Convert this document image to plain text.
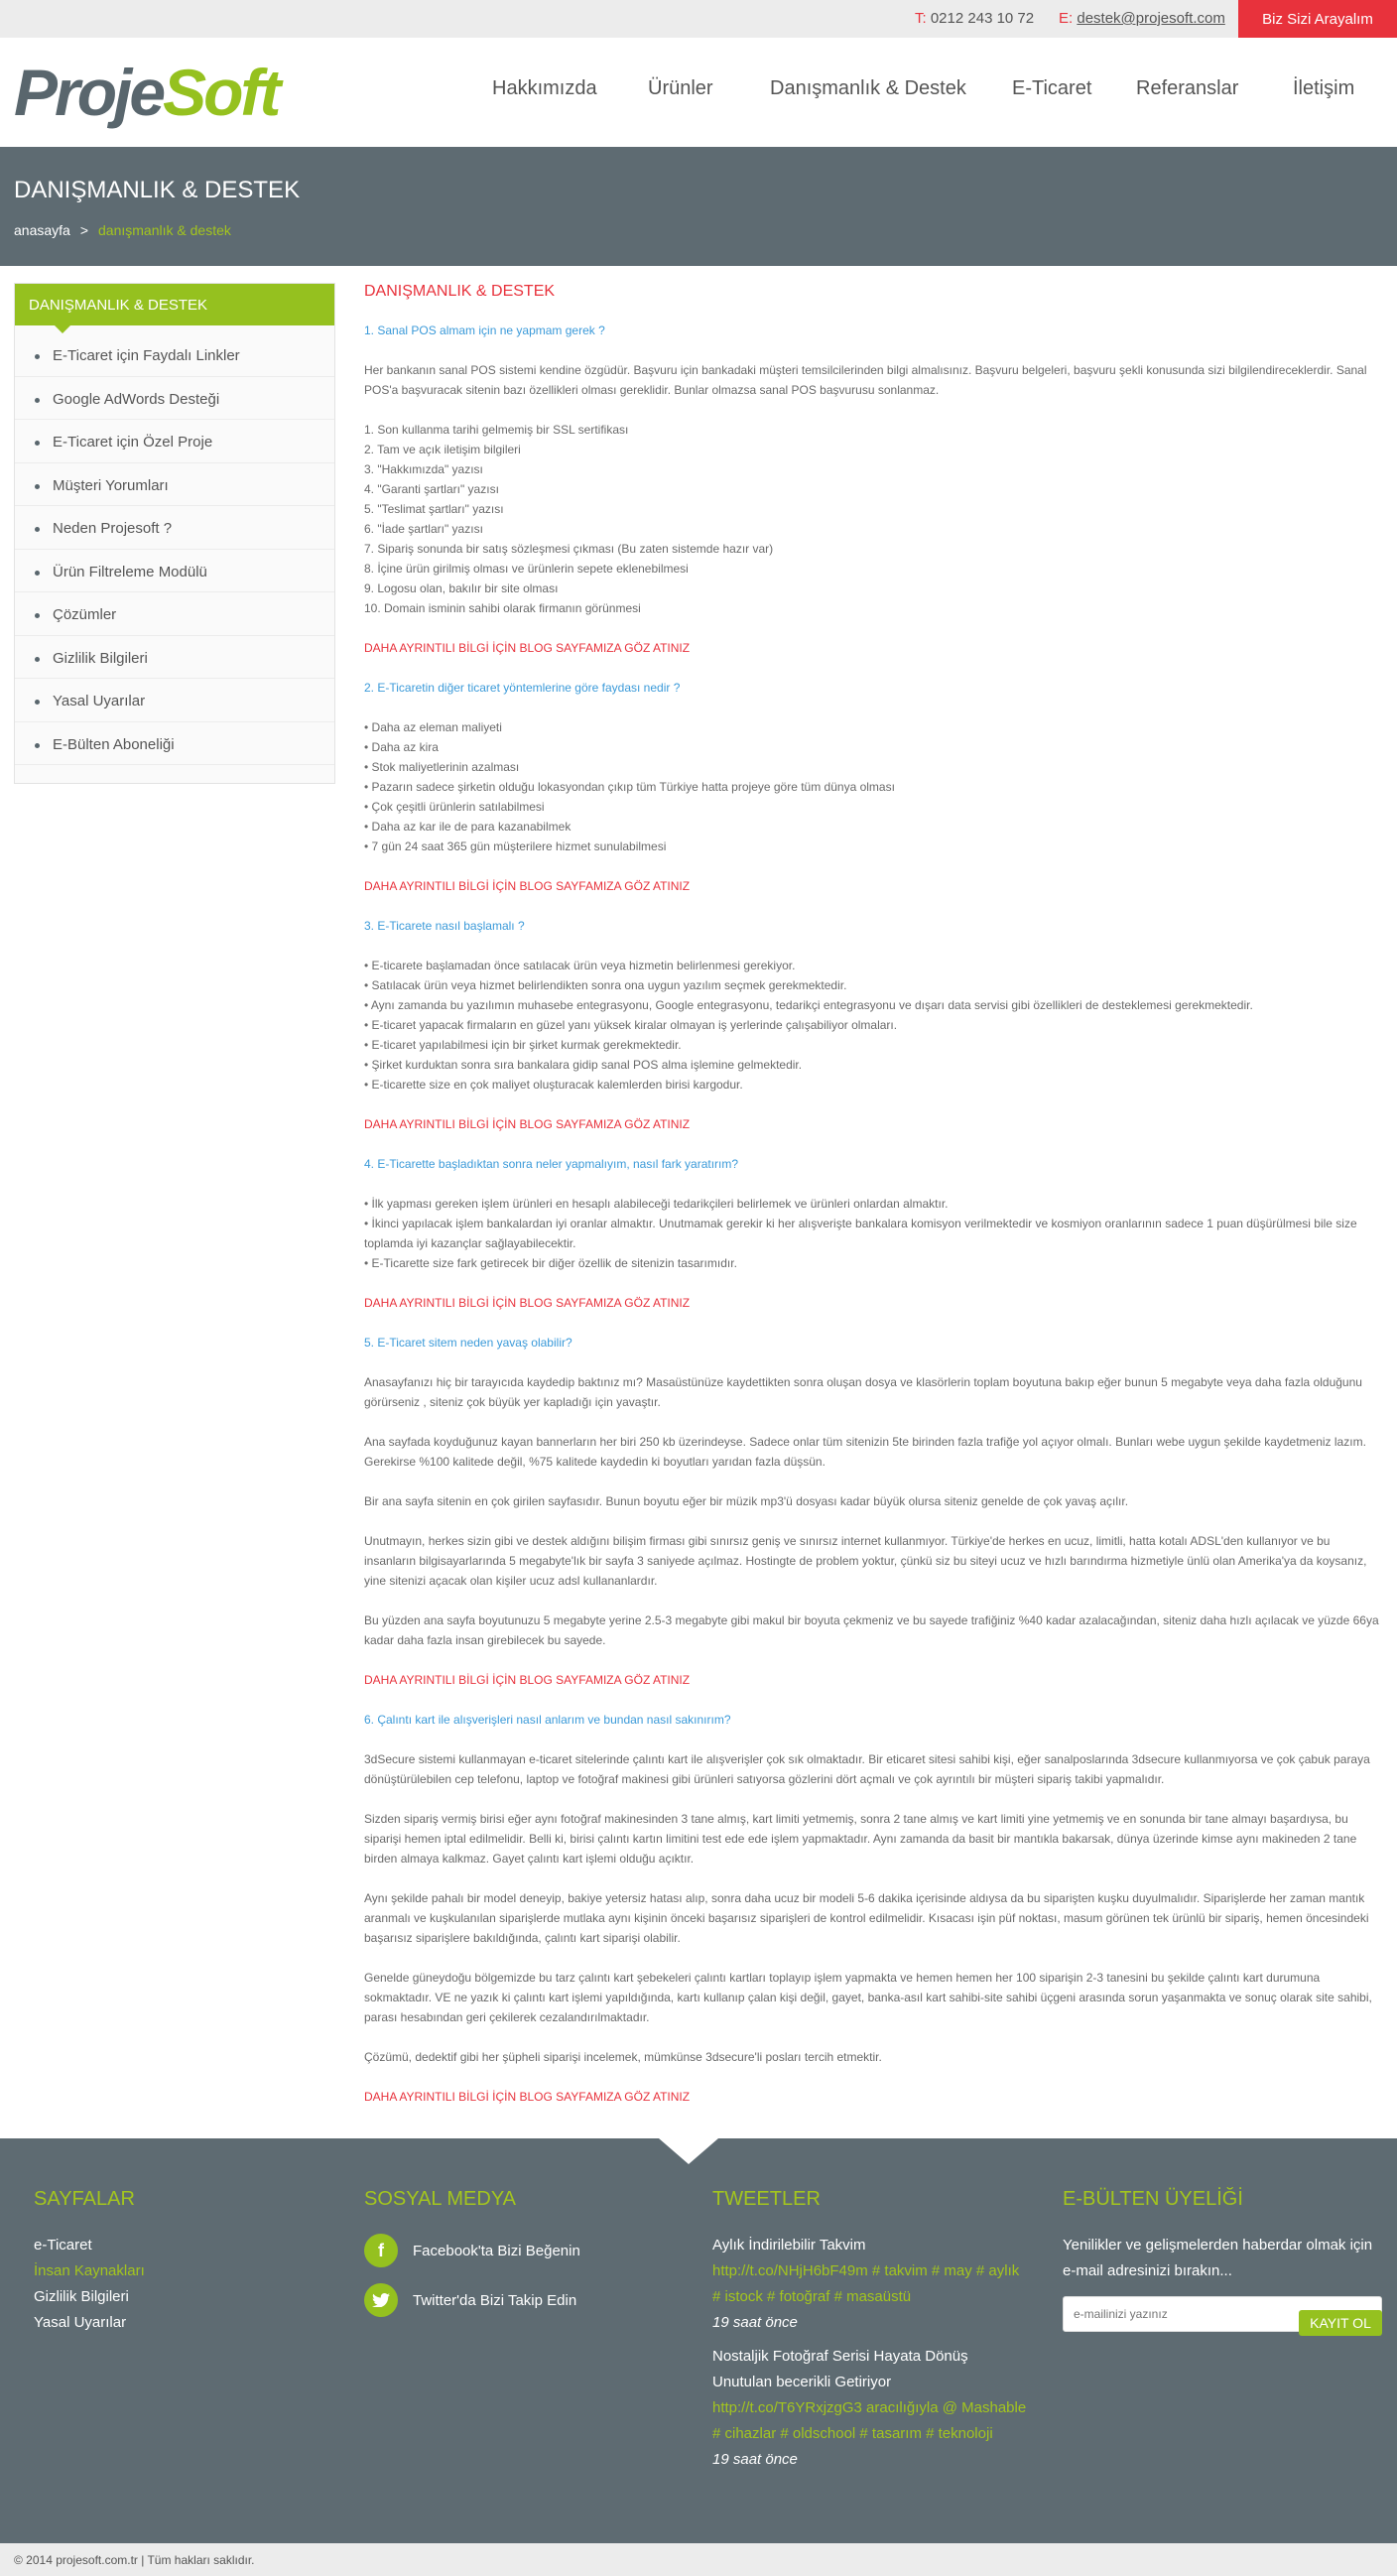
T: 0212 243 10 72 E: destek@projesoft.com	Biz Sizi Arayalım
ProjeSoft	Hakkımızda	Ürünler	Danışmanlık & Destek E-Ticaret Referanslar	İletişim
DANIŞMANLIK & DESTEK
anasayfa > danışmanlık & destek
DANIŞMANLIK & DESTEK
E-Ticaret için Faydalı Linkler
Google AdWords Desteği
E-Ticaret için Özel Proje
Müşteri Yorumları
Neden Projesoft ?
Ürün Filtreleme Modülü
Çözümler
Gizlilik Bilgileri
Yasal Uyarılar
E-Bülten Aboneliği
DANIŞMANLIK & DESTEK
1. Sanal POS almam için ne yapmam gerek ?

Her bankanın sanal POS sistemi kendine özgüdür. Başvuru için bankadaki müşteri temsilcilerinden bilgi almalısınız. Başvuru belgeleri, başvuru şekli konusunda sizi bilgilendireceklerdir. Sanal POS'a başvuracak sitenin bazı özellikleri olması gereklidir. Bunlar olmazsa sanal POS başvurusu sonlanmaz.

1. Son kullanma tarihi gelmemiş bir SSL sertifikası
2. Tam ve açık iletişim bilgileri
3. "Hakkımızda" yazısı
4. "Garanti şartları" yazısı
5. "Teslimat şartları" yazısı
6. "İade şartları" yazısı
7. Sipariş sonunda bir satış sözleşmesi çıkması (Bu zaten sistemde hazır var)
8. İçine ürün girilmiş olması ve ürünlerin sepete eklenebilmesi
9. Logosu olan, bakılır bir site olması
10. Domain isminin sahibi olarak firmanın görünmesi
DAHA AYRINTILI BİLGİ İÇİN BLOG SAYFAMIZA GÖZ ATINIZ
2. E-Ticaretin diğer ticaret yöntemlerine göre faydası nedir ?
• Daha az eleman maliyeti
• Daha az kira
• Stok maliyetlerinin azalması
• Pazarın sadece şirketin olduğu lokasyondan çıkıp tüm Türkiye hatta projeye göre tüm dünya olması
• Çok çeşitli ürünlerin satılabilmesi
• Daha az kar ile de para kazanabilmek
• 7 gün 24 saat 365 gün müşterilere hizmet sunulabilmesi
DAHA AYRINTILI BİLGİ İÇİN BLOG SAYFAMIZA GÖZ ATINIZ
3. E-Ticarete nasıl başlamalı ?
• E-ticarete başlamadan önce satılacak ürün veya hizmetin belirlenmesi gerekiyor.
• Satılacak ürün veya hizmet belirlendikten sonra ona uygun yazılım seçmek gerekmektedir.
• Aynı zamanda bu yazılımın muhasebe entegrasyonu, Google entegrasyonu, tedarikçi entegrasyonu ve dışarı data servisi gibi özellikleri de desteklemesi gerekmektedir.
• E-ticaret yapacak firmaların en güzel yanı yüksek kiralar olmayan iş yerlerinde çalışabiliyor olmaları.
• E-ticaret yapılabilmesi için bir şirket kurmak gerekmektedir.
• Şirket kurduktan sonra sıra bankalara gidip sanal POS alma işlemine gelmektedir.
• E-ticarette size en çok maliyet oluşturacak kalemlerden birisi kargodur.
DAHA AYRINTILI BİLGİ İÇİN BLOG SAYFAMIZA GÖZ ATINIZ
4. E-Ticarette başladıktan sonra neler yapmalıyım, nasıl fark yaratırım?
• İlk yapması gereken işlem ürünleri en hesaplı alabileceği tedarikçileri belirlemek ve ürünleri onlardan almaktır.
• İkinci yapılacak işlem bankalardan iyi oranlar almaktır. Unutmamak gerekir ki her alışverişte bankalara komisyon verilmektedir ve kosmiyon oranlarının sadece 1 puan düşürülmesi bile size toplamda iyi kazançlar sağlayabilecektir.
• E-Ticarette size fark getirecek bir diğer özellik de sitenizin tasarımıdır.
DAHA AYRINTILI BİLGİ İÇİN BLOG SAYFAMIZA GÖZ ATINIZ
5. E-Ticaret sitem neden yavaş olabilir?

Anasayfanızı hiç bir tarayıcıda kaydedip baktınız mı? Masaüstünüze kaydettikten sonra oluşan dosya ve klasörlerin toplam boyutuna bakıp eğer bunun 5 megabyte veya daha fazla olduğunu görürseniz , siteniz çok büyük yer kapladığı için yavaştır.

Ana sayfada koyduğunuz kayan bannerların her biri 250 kb üzerindeyse. Sadece onlar tüm sitenizin 5te birinden fazla trafiğe yol açıyor olmalı. Bunları webe uygun şekilde kaydetmeniz lazım. Gerekirse %100 kalitede değil, %75 kalitede kaydedin ki boyutları yarıdan fazla düşsün.

Bir ana sayfa sitenin en çok girilen sayfasıdır. Bunun boyutu eğer bir müzik mp3'ü dosyası kadar büyük olursa siteniz genelde de çok yavaş açılır.

Unutmayın, herkes sizin gibi ve destek aldığını bilişim firması gibi sınırsız geniş ve sınırsız internet kullanmıyor. Türkiye'de herkes en ucuz, limitli, hatta kotalı ADSL'den kullanıyor ve bu insanların bilgisayarlarında 5 megabyte'lık bir sayfa 3 saniyede açılmaz. Hostingte de problem yoktur, çünkü siz bu siteyi ucuz ve hızlı barındırma hizmetiyle ünlü olan Amerika'ya da koysanız, yine sitenizi açacak olan kişiler ucuz adsl kullananlardır.

Bu yüzden ana sayfa boyutunuzu 5 megabyte yerine 2.5-3 megabyte gibi makul bir boyuta çekmeniz ve bu sayede trafiğiniz %40 kadar azalacağından, siteniz daha hızlı açılacak ve yüzde 66ya kadar daha fazla insan girebilecek bu sayede.

DAHA AYRINTILI BİLGİ İÇİN BLOG SAYFAMIZA GÖZ ATINIZ
6. Çalıntı kart ile alışverişleri nasıl anlarım ve bundan nasıl sakınırım?

3dSecure sistemi kullanmayan e-ticaret sitelerinde çalıntı kart ile alışverişler çok sık olmaktadır. Bir eticaret sitesi sahibi kişi, eğer sanalposlarında 3dsecure kullanmıyorsa ve çok çabuk paraya dönüştürülebilen cep telefonu, laptop ve fotoğraf makinesi gibi ürünleri satıyorsa gözlerini dört açmalı ve çok ayrıntılı bir müşteri sipariş takibi yapmalıdır.

Sizden sipariş vermiş birisi eğer aynı fotoğraf makinesinden 3 tane almış, kart limiti yetmemiş, sonra 2 tane almış ve kart limiti yine yetmemiş ve en sonunda bir tane almayı başardıysa, bu siparişi hemen iptal edilmelidir. Belli ki, birisi çalıntı kartın limitini test ede ede işlem yapmaktadır. Aynı zamanda da basit bir mantıkla bakarsak, dünya üzerinde kimse aynı makineden 2 tane birden almaya kalkmaz. Gayet çalıntı kart işlemi olduğu açıktır.

Aynı şekilde pahalı bir model deneyip, bakiye yetersiz hatası alıp, sonra daha ucuz bir modeli 5-6 dakika içerisinde aldıysa da bu siparişten kuşku duyulmalıdır. Siparişlerde her zaman mantık aranmalı ve kuşkulanılan siparişlerde mutlaka aynı kişinin önceki başarısız siparişleri de kontrol edilmelidir. Kısacası işin püf noktası, masum görünen tek ürünlü bir sipariş, hemen öncesindeki başarısız siparişlere bakıldığında, çalıntı kart siparişi olabilir.

Genelde güneydoğu bölgemizde bu tarz çalıntı kart şebekeleri çalıntı kartları toplayıp işlem yapmakta ve hemen hemen her 100 siparişin 2-3 tanesini bu şekilde çalıntı kart durumuna sokmaktadır. VE ne yazık ki çalıntı kart işlemi yapıldığında, kartı kullanıp çalan kişi değil, gayet, banka-asıl kart sahibi-site sahibi üçgeni arasında sorun yaşanmakta ve sonuç olarak site sahibi, parası hesabından geri çekilerek cezalandırılmaktadır.

Çözümü, dedektif gibi her şüpheli siparişi incelemek, mümkünse 3dsecure'li posları tercih etmektir.

DAHA AYRINTILI BİLGİ İÇİN BLOG SAYFAMIZA GÖZ ATINIZ
SAYFALAR
e-Ticaret
İnsan Kaynakları
Gizlilik Bilgileri
Yasal Uyarılar
SOSYAL MEDYA
f	Facebook'ta Bizi Beğenin
Twitter'da Bizi Takip Edin
TWEETLER
Aylık İndirilebilir Takvim
http://t.co/NHjH6bF49m # takvim # may # aylık # istock # fotoğraf # masaüstü
19 saat önce
Nostaljik Fotoğraf Serisi Hayata Dönüş Unutulan becerikli Getiriyor
http://t.co/T6YRxjzgG3 aracılığıyla @ Mashable # cihazlar # oldschool # tasarım # teknoloji
19 saat önce
E-BÜLTEN ÜYELİĞİ
Yenilikler ve gelişmelerden haberdar olmak için e-mail adresinizi bırakın...
e-mailinizi yazınız
KAYIT OL
© 2014 projesoft.com.tr | Tüm hakları saklıdır.
